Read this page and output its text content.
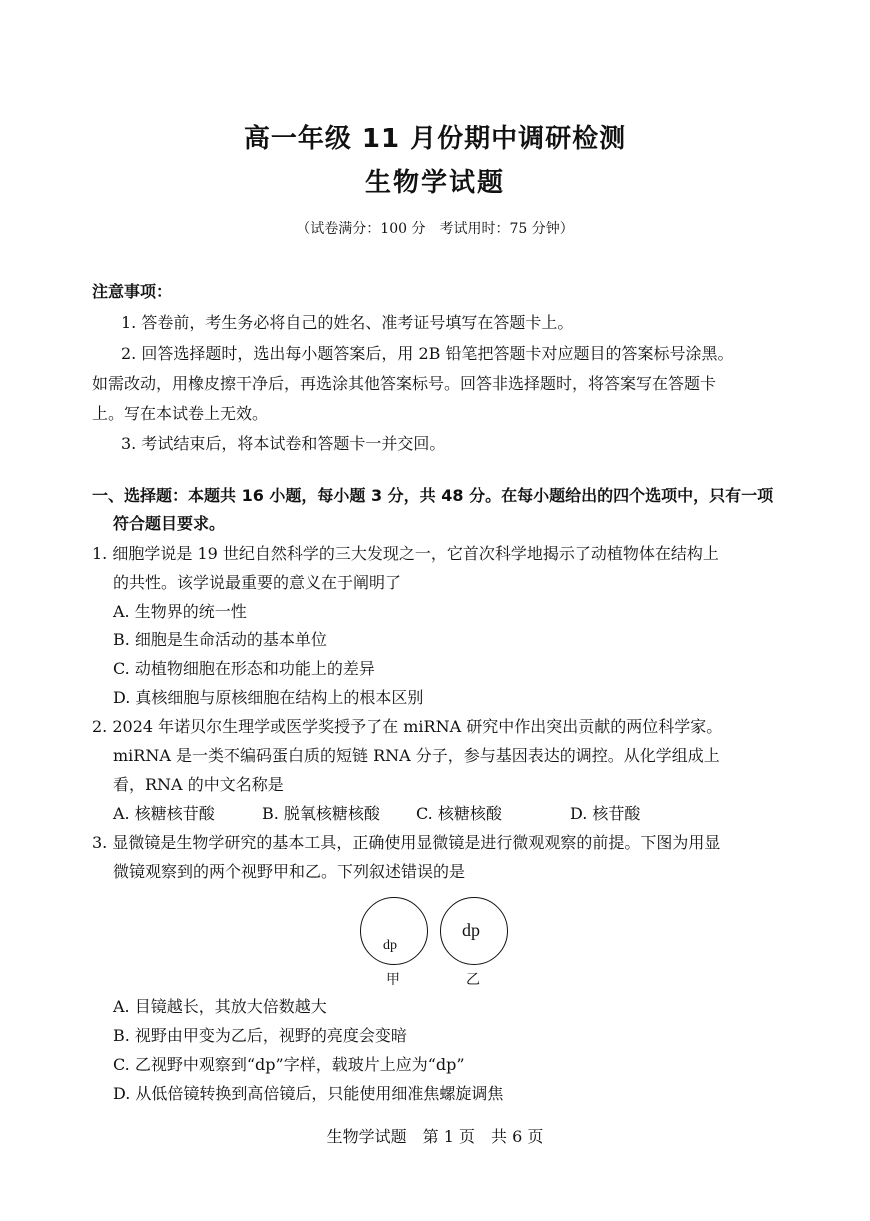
高一年级 11 月份期中调研检测
生物学试题
（试卷满分：100 分　考试用时：75 分钟）
注意事项：
1. 答卷前，考生务必将自己的姓名、准考证号填写在答题卡上。
2. 回答选择题时，选出每小题答案后，用 2B 铅笔把答题卡对应题目的答案标号涂黑。
如需改动，用橡皮擦干净后，再选涂其他答案标号。回答非选择题时，将答案写在答题卡
上。写在本试卷上无效。
3. 考试结束后，将本试卷和答题卡一并交回。
一、选择题：本题共 16 小题，每小题 3 分，共 48 分。在每小题给出的四个选项中，只有一项
符合题目要求。
1. 细胞学说是 19 世纪自然科学的三大发现之一，它首次科学地揭示了动植物体在结构上
的共性。该学说最重要的意义在于阐明了
A. 生物界的统一性
B. 细胞是生命活动的基本单位
C. 动植物细胞在形态和功能上的差异
D. 真核细胞与原核细胞在结构上的根本区别
2. 2024 年诺贝尔生理学或医学奖授予了在 miRNA 研究中作出突出贡献的两位科学家。
miRNA 是一类不编码蛋白质的短链 RNA 分子，参与基因表达的调控。从化学组成上
看，RNA 的中文名称是
A. 核糖核苷酸	B. 脱氧核糖核酸 C. 核糖核酸	D. 核苷酸
3. 显微镜是生物学研究的基本工具，正确使用显微镜是进行微观观察的前提。下图为用显
微镜观察到的两个视野甲和乙。下列叙述错误的是
dp
dp
甲	乙
A. 目镜越长，其放大倍数越大
B. 视野由甲变为乙后，视野的亮度会变暗
C. 乙视野中观察到“dp”字样，载玻片上应为“dp”
D. 从低倍镜转换到高倍镜后，只能使用细准焦螺旋调焦
生物学试题　第 1 页　共 6 页
